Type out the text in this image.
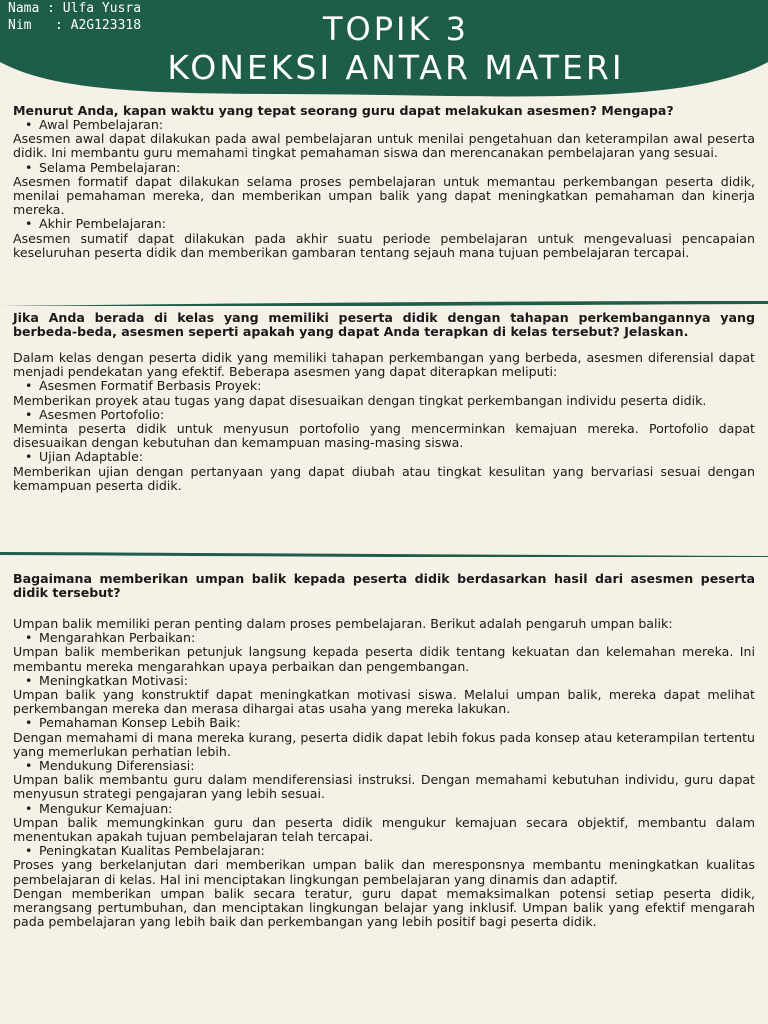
Nama : Ulfa Yusra
Nim   : A2G123318	TOPIK 3
KONEKSI ANTAR MATERI

Menurut Anda, kapan waktu yang tepat seorang guru dapat melakukan asesmen? Mengapa?

• Awal Pembelajaran:

Asesmen awal dapat dilakukan pada awal pembelajaran untuk menilai pengetahuan dan keterampilan awal peserta didik. Ini membantu guru memahami tingkat pemahaman siswa dan merencanakan pembelajaran yang sesuai.

• Selama Pembelajaran:

Asesmen formatif dapat dilakukan selama proses pembelajaran untuk memantau perkembangan peserta didik, menilai pemahaman mereka, dan memberikan umpan balik yang dapat meningkatkan pemahaman dan kinerja mereka.

• Akhir Pembelajaran:

Asesmen sumatif dapat dilakukan pada akhir suatu periode pembelajaran untuk mengevaluasi pencapaian keseluruhan peserta didik dan memberikan gambaran tentang sejauh mana tujuan pembelajaran tercapai.

Jika Anda berada di kelas yang memiliki peserta didik dengan tahapan perkembangannya yang berbeda-beda, asesmen seperti apakah yang dapat Anda terapkan di kelas tersebut? Jelaskan.

Dalam kelas dengan peserta didik yang memiliki tahapan perkembangan yang berbeda, asesmen diferensial dapat menjadi pendekatan yang efektif. Beberapa asesmen yang dapat diterapkan meliputi:

• Asesmen Formatif Berbasis Proyek:

Memberikan proyek atau tugas yang dapat disesuaikan dengan tingkat perkembangan individu peserta didik.

• Asesmen Portofolio:

Meminta peserta didik untuk menyusun portofolio yang mencerminkan kemajuan mereka. Portofolio dapat disesuaikan dengan kebutuhan dan kemampuan masing-masing siswa.

• Ujian Adaptable:

Memberikan ujian dengan pertanyaan yang dapat diubah atau tingkat kesulitan yang bervariasi sesuai dengan kemampuan peserta didik.

Bagaimana memberikan umpan balik kepada peserta didik berdasarkan hasil dari asesmen peserta didik tersebut?

Umpan balik memiliki peran penting dalam proses pembelajaran. Berikut adalah pengaruh umpan balik:

• Mengarahkan Perbaikan:

Umpan balik memberikan petunjuk langsung kepada peserta didik tentang kekuatan dan kelemahan mereka. Ini membantu mereka mengarahkan upaya perbaikan dan pengembangan.

• Meningkatkan Motivasi:

Umpan balik yang konstruktif dapat meningkatkan motivasi siswa. Melalui umpan balik, mereka dapat melihat perkembangan mereka dan merasa dihargai atas usaha yang mereka lakukan.

• Pemahaman Konsep Lebih Baik:

Dengan memahami di mana mereka kurang, peserta didik dapat lebih fokus pada konsep atau keterampilan tertentu yang memerlukan perhatian lebih.

• Mendukung Diferensiasi:

Umpan balik membantu guru dalam mendiferensiasi instruksi. Dengan memahami kebutuhan individu, guru dapat menyusun strategi pengajaran yang lebih sesuai.

• Mengukur Kemajuan:

Umpan balik memungkinkan guru dan peserta didik mengukur kemajuan secara objektif, membantu dalam menentukan apakah tujuan pembelajaran telah tercapai.

• Peningkatan Kualitas Pembelajaran:

Proses yang berkelanjutan dari memberikan umpan balik dan meresponsnya membantu meningkatkan kualitas pembelajaran di kelas. Hal ini menciptakan lingkungan pembelajaran yang dinamis dan adaptif.

Dengan memberikan umpan balik secara teratur, guru dapat memaksimalkan potensi setiap peserta didik, merangsang pertumbuhan, dan menciptakan lingkungan belajar yang inklusif. Umpan balik yang efektif mengarah pada pembelajaran yang lebih baik dan perkembangan yang lebih positif bagi peserta didik.
